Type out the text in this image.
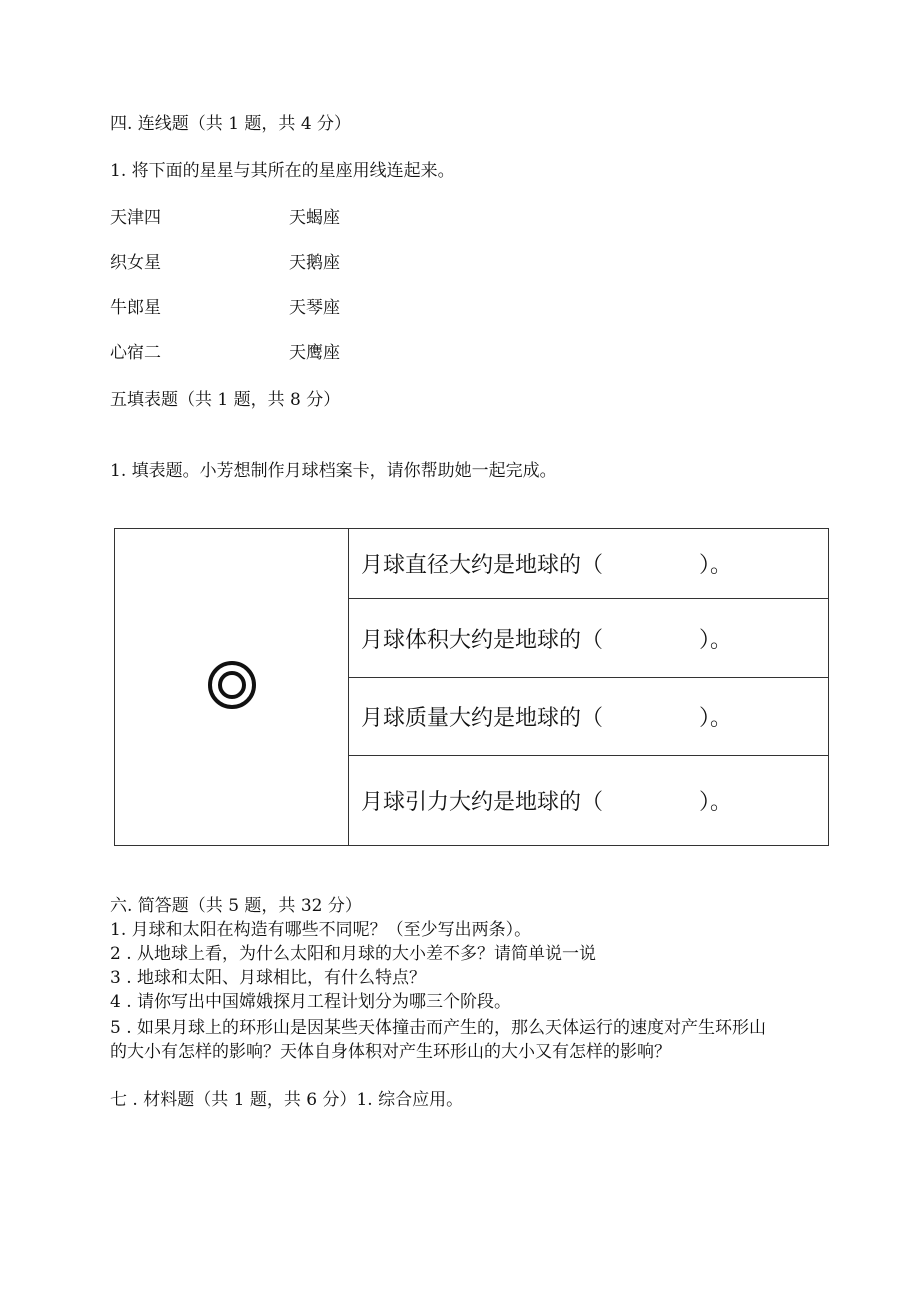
四. 连线题（共 1 题，共 4 分）
1. 将下面的星星与其所在的星座用线连起来。
天津四	天蝎座
织女星	天鹅座
牛郎星	天琴座
心宿二	天鹰座
五填表题（共 1 题，共 8 分）
1. 填表题。小芳想制作月球档案卡，请你帮助她一起完成。
	月球直径大约是地球的（	）。
月球体积大约是地球的（	）。
月球质量大约是地球的（	）。
月球引力大约是地球的（	）。
六. 简答题（共 5 题，共 32 分）
1. 月球和太阳在构造有哪些不同呢？（至少写出两条）。
2 . 从地球上看，为什么太阳和月球的大小差不多？请简单说一说
3 . 地球和太阳、月球相比，有什么特点？
4 . 请你写出中国嫦娥探月工程计划分为哪三个阶段。
5 . 如果月球上的环形山是因某些天体撞击而产生的，那么天体运行的速度对产生环形山
的大小有怎样的影响？天体自身体积对产生环形山的大小又有怎样的影响？
七 . 材料题（共 1 题，共 6 分）1. 综合应用。
